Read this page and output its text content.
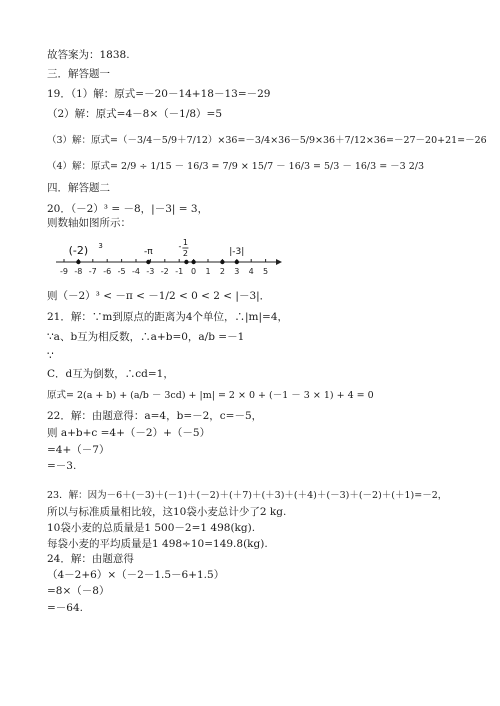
故答案为：1838.
三．解答题一
19．（1）解：原式=－20－14+18－13=－29
（2）解：原式=4－8×（－1/8）=5
（3）解：原式=（－3/4－5/9＋7/12）×36=－3/4×36－5/9×36＋7/12×36=－27－20+21=－26
（4）解：原式= 2/9 ÷ 1/15 － 16/3 = 7/9 × 15/7 － 16/3 = 5/3 － 16/3 = －3 2/3
四．解答题二
20．（－2）³ = －8，|－3| = 3，
则数轴如图所示：
-9 -8 -7 -6 -5 -4 -3 -2 -1 0 1 2 3 4 5
(-2) 3
-π
- 1
2	|-3|
则（－2）³ < －π < －1/2 < 0 < 2 < |－3|．
21．解：∵m到原点的距离为4个单位，∴|m|=4，
∵a、b互为相反数，∴a+b=0，a/b =－1
∵
C．d互为倒数，∴cd=1，
原式= 2(a + b) + (a/b － 3cd) + |m| = 2 × 0 + (－1 － 3 × 1) + 4 = 0
22．解：由题意得：a=4，b=－2，c=－5，
则 a+b+c =4+（－2）+（－5）
=4+（－7）
=－3.
23．解：因为－6＋(－3)＋(－1)＋(－2)＋(＋7)＋(＋3)＋(＋4)＋(－3)＋(－2)＋(＋1)=－2，
所以与标准质量相比较，这10袋小麦总计少了2 kg.
10袋小麦的总质量是1 500－2=1 498(kg).
每袋小麦的平均质量是1 498÷10=149.8(kg).
24．解：由题意得
（4－2+6）×（－2－1.5－6+1.5）
=8×（－8）
=－64.
